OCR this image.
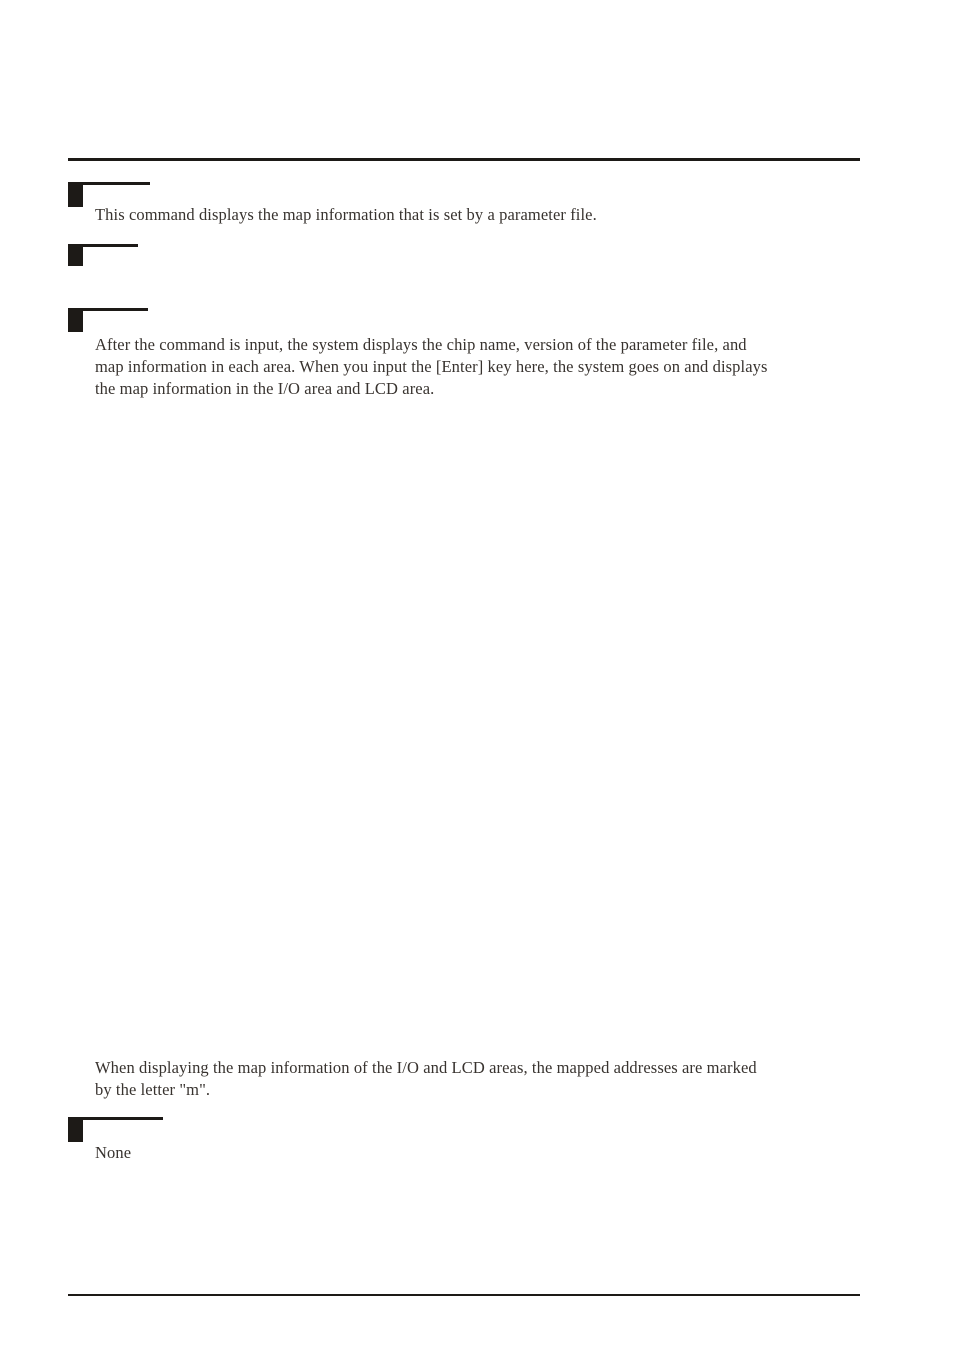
This command displays the map information that is set by a parameter file.
After the command is input, the system displays the chip name, version of the parameter file, and
map information in each area. When you input the [Enter] key here, the system goes on and displays
the map information in the I/O area and LCD area.
When displaying the map information of the I/O and LCD areas, the mapped addresses are marked
by the letter "m".
None
